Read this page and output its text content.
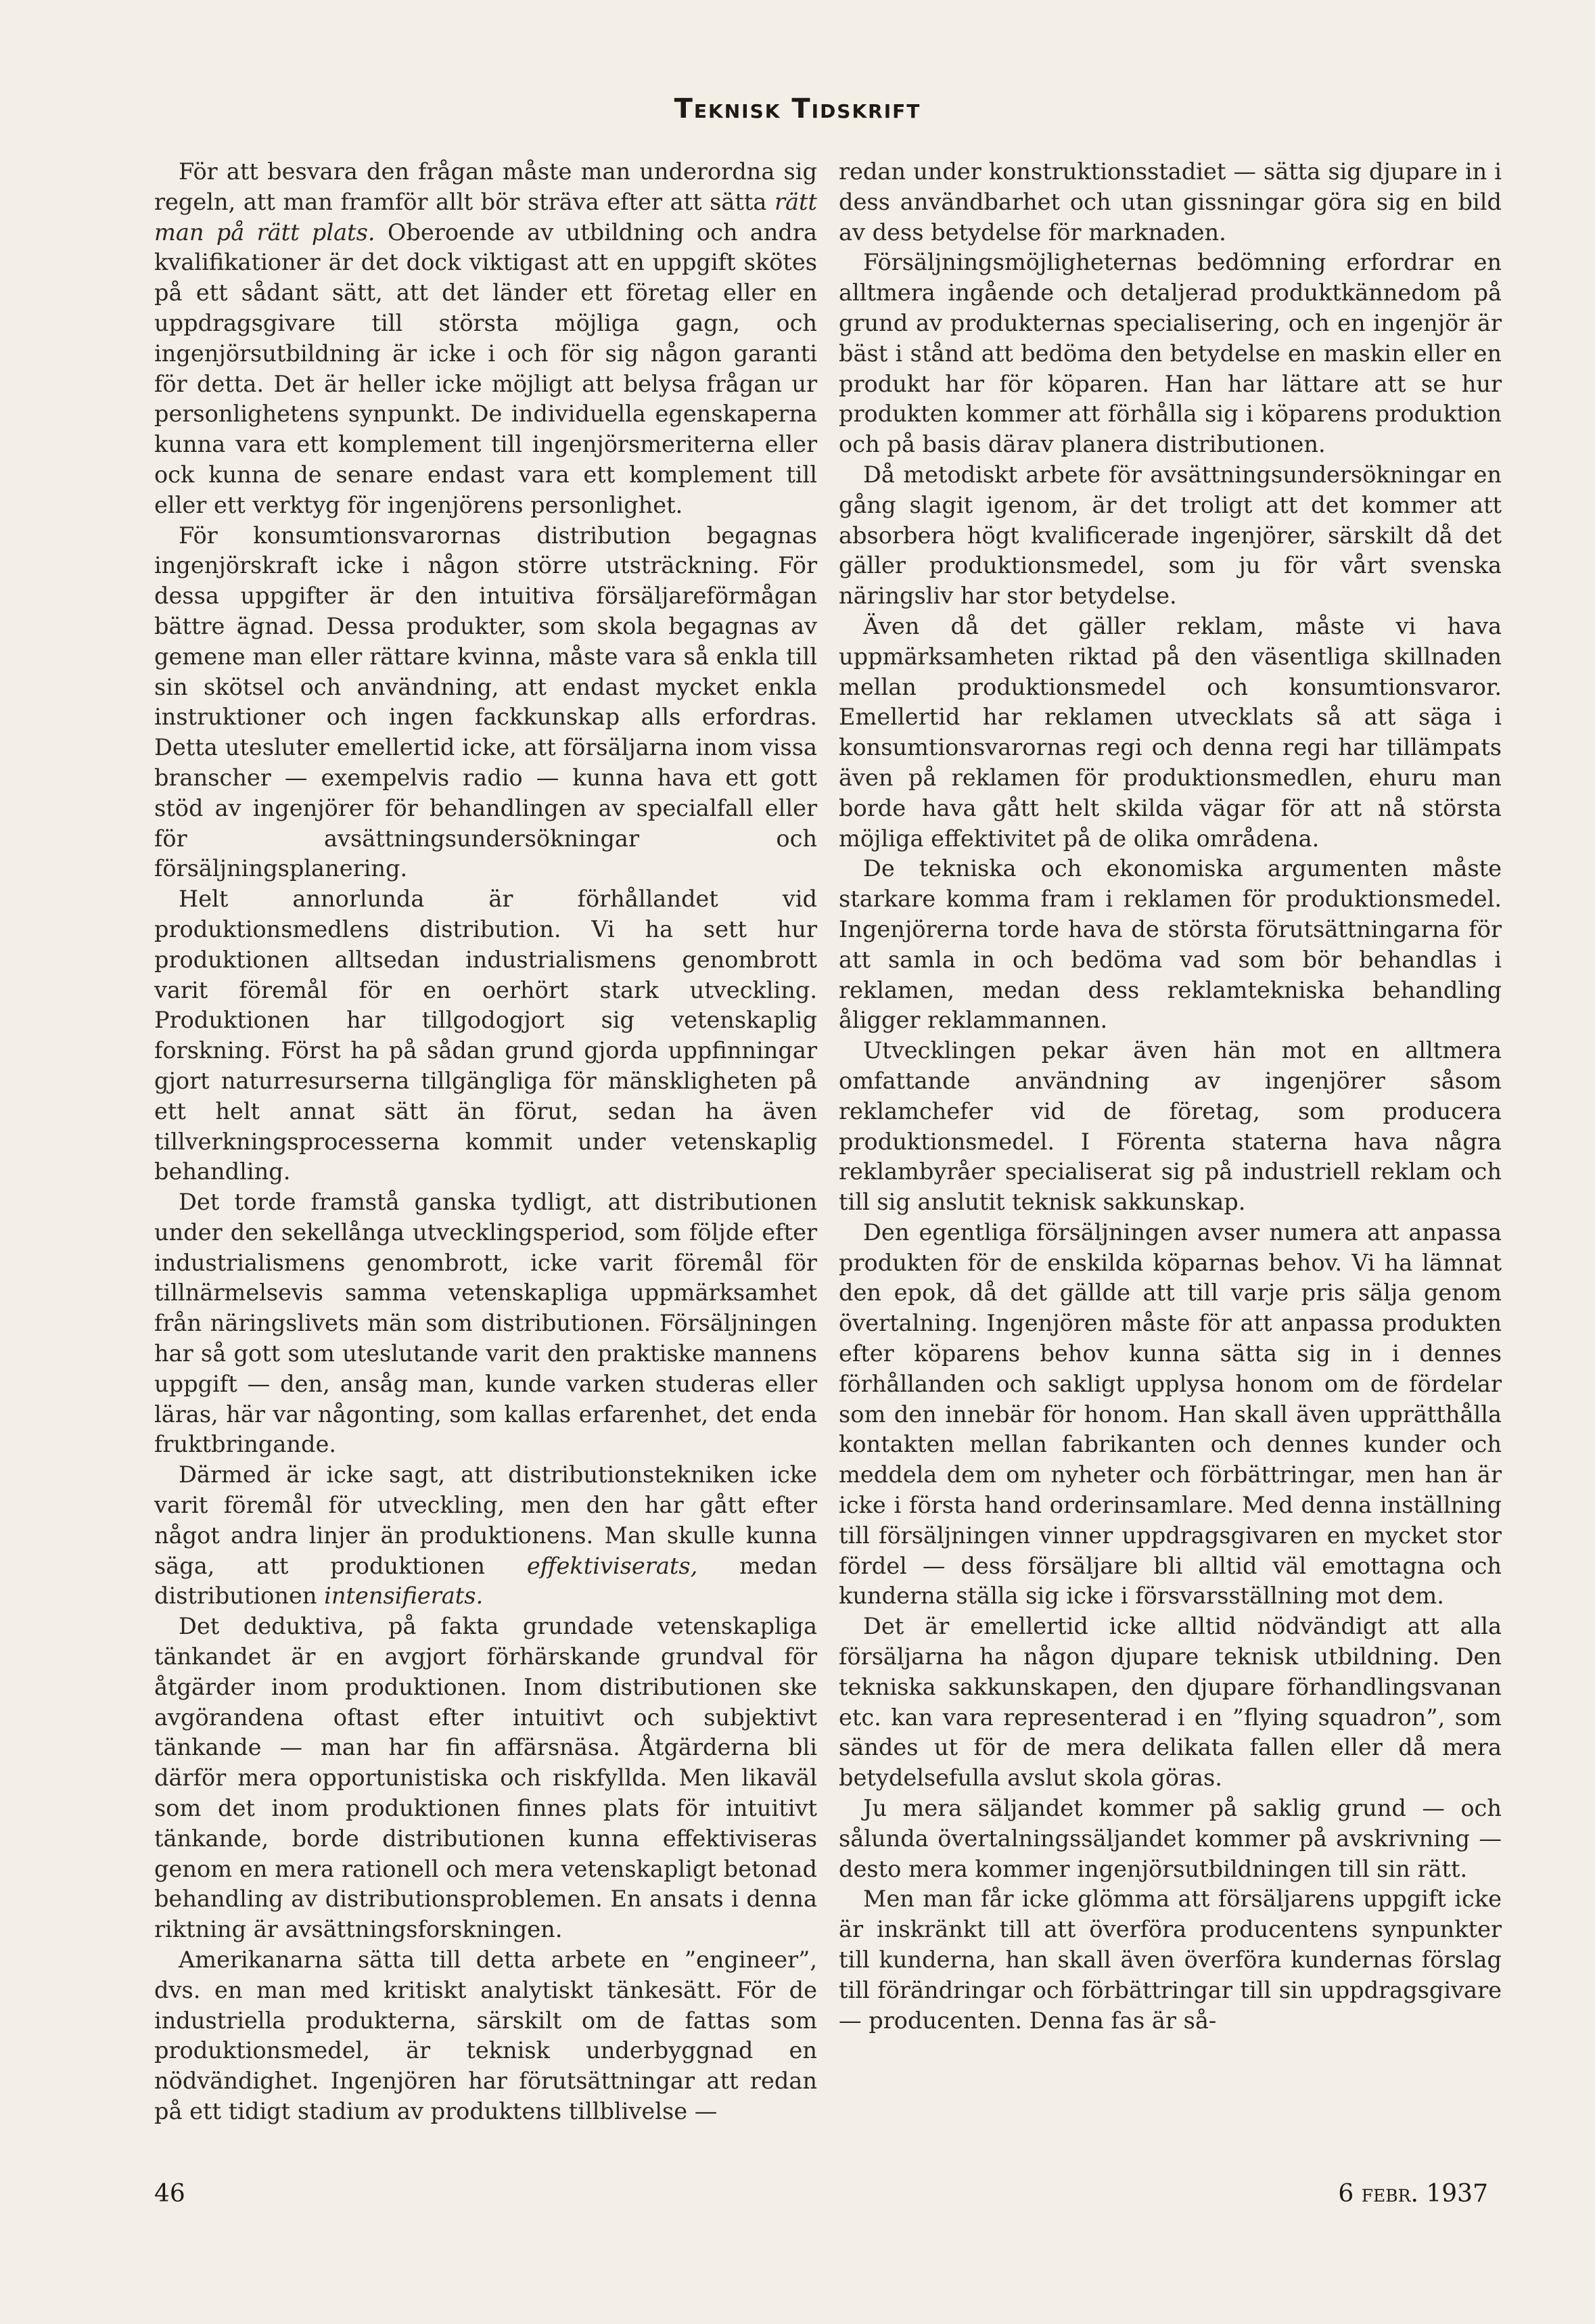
Teknisk Tidskrift

För att besvara den frågan måste man underordna sig regeln, att man framför allt bör sträva efter att sätta rätt man på rätt plats. Oberoende av utbildning och andra kvalifikationer är det dock viktigast att en uppgift skötes på ett sådant sätt, att det länder ett företag eller en uppdragsgivare till största möjliga gagn, och ingenjörsutbildning är icke i och för sig någon garanti för detta. Det är heller icke möjligt att belysa frågan ur personlighetens synpunkt. De individuella egenskaperna kunna vara ett komplement till ingenjörsmeriterna eller ock kunna de senare endast vara ett komplement till eller ett verktyg för ingenjörens personlighet.

För konsumtionsvarornas distribution begagnas ingenjörskraft icke i någon större utsträckning. För dessa uppgifter är den intuitiva försäljareförmågan bättre ägnad. Dessa produkter, som skola begagnas av gemene man eller rättare kvinna, måste vara så enkla till sin skötsel och användning, att endast mycket enkla instruktioner och ingen fackkunskap alls erfordras. Detta utesluter emellertid icke, att försäljarna inom vissa branscher — exempelvis radio — kunna hava ett gott stöd av ingenjörer för behandlingen av specialfall eller för avsättningsundersökningar och försäljningsplanering.

Helt annorlunda är förhållandet vid produktionsmedlens distribution. Vi ha sett hur produktionen alltsedan industrialismens genombrott varit föremål för en oerhört stark utveckling. Produktionen har tillgodogjort sig vetenskaplig forskning. Först ha på sådan grund gjorda uppfinningar gjort naturresurserna tillgängliga för mänskligheten på ett helt annat sätt än förut, sedan ha även tillverkningsprocesserna kommit under vetenskaplig behandling.

Det torde framstå ganska tydligt, att distributionen under den sekellånga utvecklingsperiod, som följde efter industrialismens genombrott, icke varit föremål för tillnärmelsevis samma vetenskapliga uppmärksamhet från näringslivets män som distributionen. Försäljningen har så gott som uteslutande varit den praktiske mannens uppgift — den, ansåg man, kunde varken studeras eller läras, här var någonting, som kallas erfarenhet, det enda fruktbringande.

Därmed är icke sagt, att distributionstekniken icke varit föremål för utveckling, men den har gått efter något andra linjer än produktionens. Man skulle kunna säga, att produktionen effektiviserats, medan distributionen intensifierats.

Det deduktiva, på fakta grundade vetenskapliga tänkandet är en avgjort förhärskande grundval för åtgärder inom produktionen. Inom distributionen ske avgörandena oftast efter intuitivt och subjektivt tänkande — man har fin affärsnäsa. Åtgärderna bli därför mera opportunistiska och riskfyllda. Men likaväl som det inom produktionen finnes plats för intuitivt tänkande, borde distributionen kunna effektiviseras genom en mera rationell och mera vetenskapligt betonad behandling av distributionsproblemen. En ansats i denna riktning är avsättningsforskningen.

Amerikanarna sätta till detta arbete en ”engineer”, dvs. en man med kritiskt analytiskt tänkesätt. För de industriella produkterna, särskilt om de fattas som produktionsmedel, är teknisk underbyggnad en nödvändighet. Ingenjören har förutsättningar att redan på ett tidigt stadium av produktens tillblivelse —

redan under konstruktionsstadiet — sätta sig djupare in i dess användbarhet och utan gissningar göra sig en bild av dess betydelse för marknaden.

Försäljningsmöjligheternas bedömning erfordrar en alltmera ingående och detaljerad produktkännedom på grund av produkternas specialisering, och en ingenjör är bäst i stånd att bedöma den betydelse en maskin eller en produkt har för köparen. Han har lättare att se hur produkten kommer att förhålla sig i köparens produktion och på basis därav planera distributionen.

Då metodiskt arbete för avsättningsundersökningar en gång slagit igenom, är det troligt att det kommer att absorbera högt kvalificerade ingenjörer, särskilt då det gäller produktionsmedel, som ju för vårt svenska näringsliv har stor betydelse.

Även då det gäller reklam, måste vi hava uppmärksamheten riktad på den väsentliga skillnaden mellan produktionsmedel och konsumtionsvaror. Emellertid har reklamen utvecklats så att säga i konsumtionsvarornas regi och denna regi har tillämpats även på reklamen för produktionsmedlen, ehuru man borde hava gått helt skilda vägar för att nå största möjliga effektivitet på de olika områdena.

De tekniska och ekonomiska argumenten måste starkare komma fram i reklamen för produktionsmedel. Ingenjörerna torde hava de största förutsättningarna för att samla in och bedöma vad som bör behandlas i reklamen, medan dess reklamtekniska behandling åligger reklammannen.

Utvecklingen pekar även hän mot en alltmera omfattande användning av ingenjörer såsom reklamchefer vid de företag, som producera produktionsmedel. I Förenta staterna hava några reklambyråer specialiserat sig på industriell reklam och till sig anslutit teknisk sakkunskap.

Den egentliga försäljningen avser numera att anpassa produkten för de enskilda köparnas behov. Vi ha lämnat den epok, då det gällde att till varje pris sälja genom övertalning. Ingenjören måste för att anpassa produkten efter köparens behov kunna sätta sig in i dennes förhållanden och sakligt upplysa honom om de fördelar som den innebär för honom. Han skall även upprätthålla kontakten mellan fabrikanten och dennes kunder och meddela dem om nyheter och förbättringar, men han är icke i första hand orderinsamlare. Med denna inställning till försäljningen vinner uppdragsgivaren en mycket stor fördel — dess försäljare bli alltid väl emottagna och kunderna ställa sig icke i försvarsställning mot dem.

Det är emellertid icke alltid nödvändigt att alla försäljarna ha någon djupare teknisk utbildning. Den tekniska sakkunskapen, den djupare förhandlingsvanan etc. kan vara representerad i en ”flying squadron”, som sändes ut för de mera delikata fallen eller då mera betydelsefulla avslut skola göras.

Ju mera säljandet kommer på saklig grund — och sålunda övertalningssäljandet kommer på avskrivning — desto mera kommer ingenjörsutbildningen till sin rätt.

Men man får icke glömma att försäljarens uppgift icke är inskränkt till att överföra producentens synpunkter till kunderna, han skall även överföra kundernas förslag till förändringar och förbättringar till sin uppdragsgivare — producenten. Denna fas är så-

46	6 febr. 1937
